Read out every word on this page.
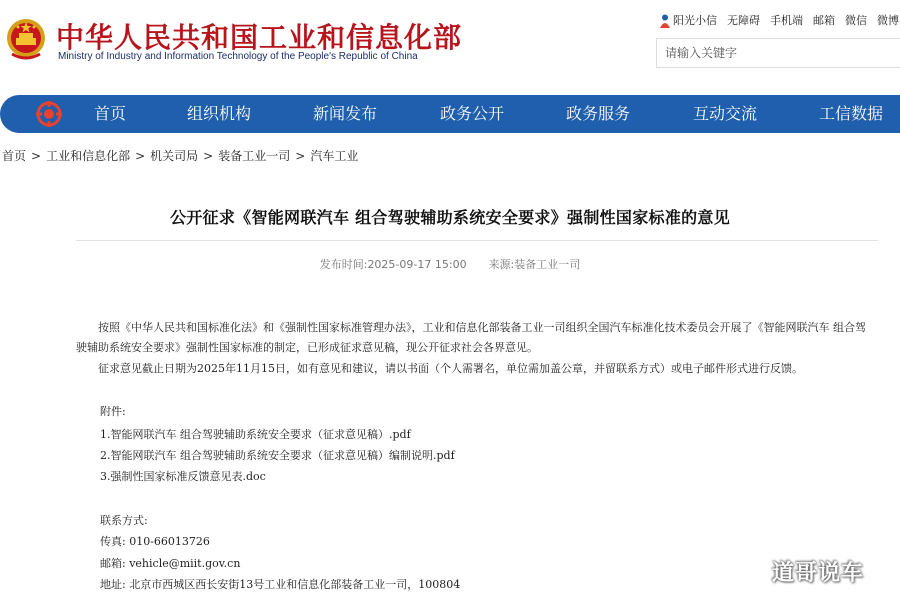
中华人民共和国工业和信息化部
Ministry of Industry and Information Technology of the People's Republic of China
阳光小信 无障碍 手机端 邮箱 微信 微博
请输入关键字
首页	组织机构	新闻发布	政务公开	政务服务	互动交流	工信数据
首页 > 工业和信息化部 > 机关司局 > 装备工业一司 > 汽车工业
公开征求《智能网联汽车 组合驾驶辅助系统安全要求》强制性国家标准的意见
发布时间:2025-09-17 15:00 来源:装备工业一司
按照《中华人民共和国标准化法》和《强制性国家标准管理办法》，工业和信息化部装备工业一司组织全国汽车标准化技术委员会开展了《智能网联汽车 组合驾驶辅助系统安全要求》强制性国家标准的制定，已形成征求意见稿，现公开征求社会各界意见。
征求意见截止日期为2025年11月15日，如有意见和建议，请以书面（个人需署名，单位需加盖公章，并留联系方式）或电子邮件形式进行反馈。
附件:
1.智能网联汽车 组合驾驶辅助系统安全要求（征求意见稿）.pdf
2.智能网联汽车 组合驾驶辅助系统安全要求（征求意见稿）编制说明.pdf
3.强制性国家标准反馈意见表.doc
联系方式:
传真: 010-66013726
邮箱: vehicle@miit.gov.cn
地址: 北京市西城区西长安街13号工业和信息化部装备工业一司，100804	道哥说车
